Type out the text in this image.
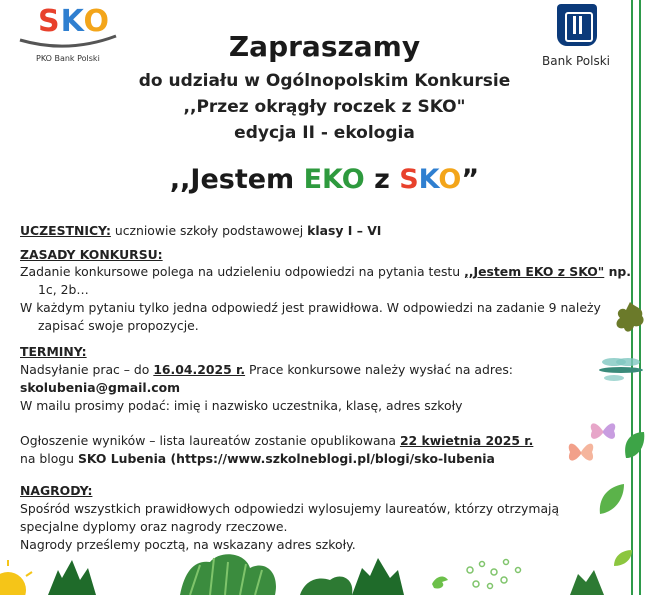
SKO
PKO Bank Polski	Bank Polski
Zapraszamy
do udziału w Ogólnopolskim Konkursie
,,Przez okrągły roczek z SKO"
edycja II - ekologia
,,Jestem EKO z SKO”
UCZESTNICY: uczniowie szkoły podstawowej klasy I – VI
ZASADY KONKURSU:
Zadanie konkursowe polega na udzieleniu odpowiedzi na pytania testu ,,Jestem EKO z SKO" np.
1c, 2b…
W każdym pytaniu tylko jedna odpowiedź jest prawidłowa. W odpowiedzi na zadanie 9 należy
zapisać swoje propozycje.
TERMINY:
Nadsyłanie prac – do 16.04.2025 r. Prace konkursowe należy wysłać na adres:
skolubenia@gmail.com
W mailu prosimy podać: imię i nazwisko uczestnika, klasę, adres szkoły
Ogłoszenie wyników – lista laureatów zostanie opublikowana 22 kwietnia 2025 r.
na blogu SKO Lubenia (https://www.szkolneblogi.pl/blogi/sko-lubenia
NAGRODY:
Spośród wszystkich prawidłowych odpowiedzi wylosujemy laureatów, którzy otrzymają
specjalne dyplomy oraz nagrody rzeczowe.
Nagrody prześlemy pocztą, na wskazany adres szkoły.
